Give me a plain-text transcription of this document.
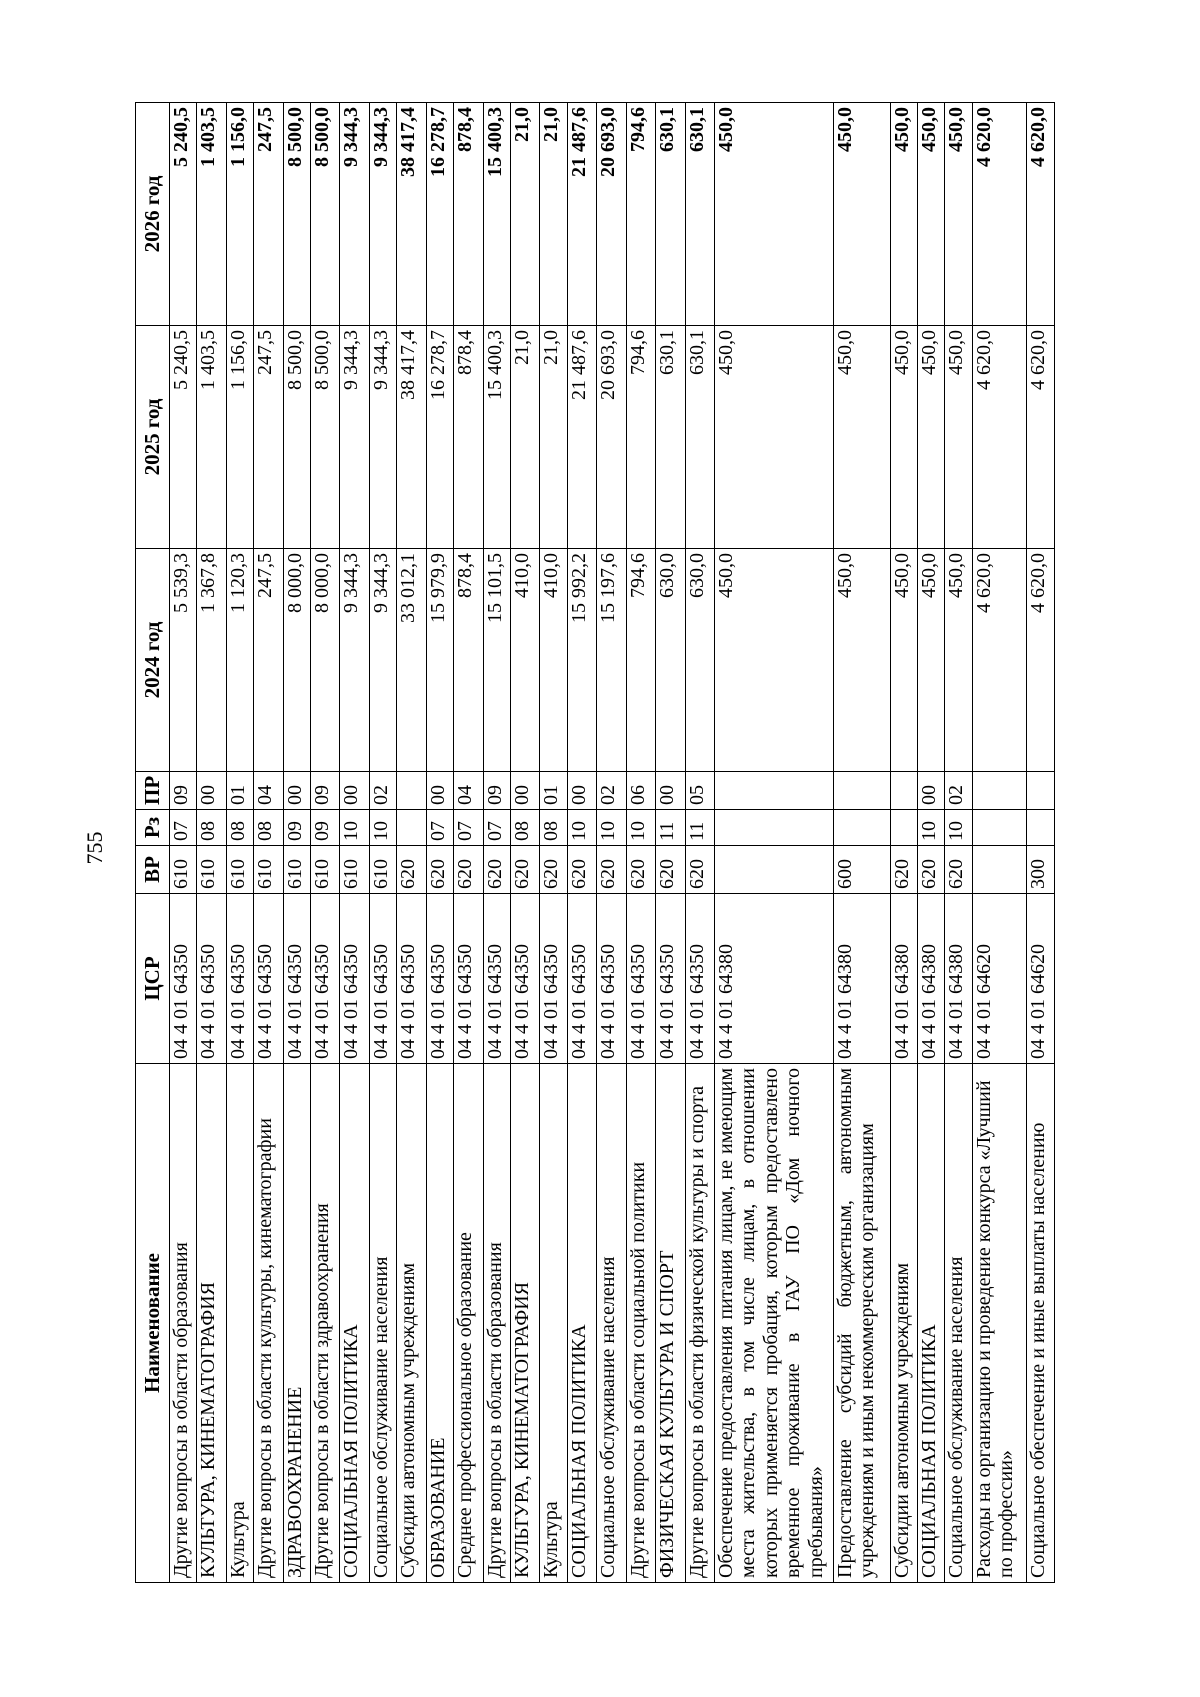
755
Наименование	ЦСР	ВР	Рз	ПР	2024 год	2025 год	2026 год
Другие вопросы в области образования	04 4 01 64350	610	07	09	5 539,3	5 240,5	5 240,5
КУЛЬТУРА, КИНЕМАТОГРАФИЯ	04 4 01 64350	610	08	00	1 367,8	1 403,5	1 403,5
Культура	04 4 01 64350	610	08	01	1 120,3	1 156,0	1 156,0
Другие вопросы в области культуры, кинематографии	04 4 01 64350	610	08	04	247,5	247,5	247,5
ЗДРАВООХРАНЕНИЕ	04 4 01 64350	610	09	00	8 000,0	8 500,0	8 500,0
Другие вопросы в области здравоохранения	04 4 01 64350	610	09	09	8 000,0	8 500,0	8 500,0
СОЦИАЛЬНАЯ ПОЛИТИКА	04 4 01 64350	610	10	00	9 344,3	9 344,3	9 344,3
Социальное обслуживание населения	04 4 01 64350	610	10	02	9 344,3	9 344,3	9 344,3
Субсидии автономным учреждениям	04 4 01 64350	620			33 012,1	38 417,4	38 417,4
ОБРАЗОВАНИЕ	04 4 01 64350	620	07	00	15 979,9	16 278,7	16 278,7
Среднее профессиональное образование	04 4 01 64350	620	07	04	878,4	878,4	878,4
Другие вопросы в области образования	04 4 01 64350	620	07	09	15 101,5	15 400,3	15 400,3
КУЛЬТУРА, КИНЕМАТОГРАФИЯ	04 4 01 64350	620	08	00	410,0	21,0	21,0
Культура	04 4 01 64350	620	08	01	410,0	21,0	21,0
СОЦИАЛЬНАЯ ПОЛИТИКА	04 4 01 64350	620	10	00	15 992,2	21 487,6	21 487,6
Социальное обслуживание населения	04 4 01 64350	620	10	02	15 197,6	20 693,0	20 693,0
Другие вопросы в области социальной политики	04 4 01 64350	620	10	06	794,6	794,6	794,6
ФИЗИЧЕСКАЯ КУЛЬТУРА И СПОРТ	04 4 01 64350	620	11	00	630,0	630,1	630,1
Другие вопросы в области физической культуры и спорта	04 4 01 64350	620	11	05	630,0	630,1	630,1
Обеспечение предоставления питания лицам, не имеющим места жительства, в том числе лицам, в отношении которых применяется пробация, которым предоставлено временное проживание в ГАУ ПО «Дом ночного пребывания»	04 4 01 64380				450,0	450,0	450,0
Предоставление субсидий бюджетным, автономным учреждениям и иным некоммерческим организациям	04 4 01 64380	600			450,0	450,0	450,0
Субсидии автономным учреждениям	04 4 01 64380	620			450,0	450,0	450,0
СОЦИАЛЬНАЯ ПОЛИТИКА	04 4 01 64380	620	10	00	450,0	450,0	450,0
Социальное обслуживание населения	04 4 01 64380	620	10	02	450,0	450,0	450,0
Расходы на организацию и проведение конкурса «Лучший по профессии»	04 4 01 64620				4 620,0	4 620,0	4 620,0
Социальное обеспечение и иные выплаты населению	04 4 01 64620	300			4 620,0	4 620,0	4 620,0
